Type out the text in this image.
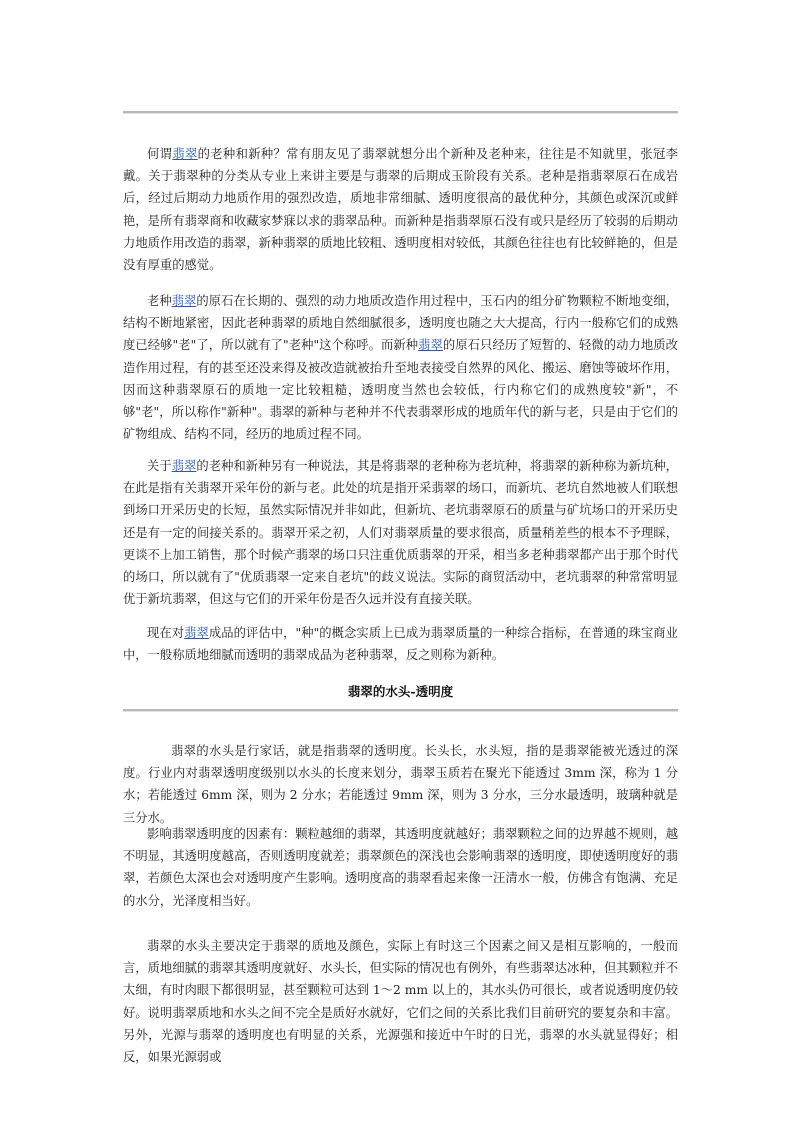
何谓翡翠的老种和新种？常有朋友见了翡翠就想分出个新种及老种来，往往是不知就里，张冠李戴。关于翡翠种的分类从专业上来讲主要是与翡翠的后期成玉阶段有关系。老种是指翡翠原石在成岩后，经过后期动力地质作用的强烈改造，质地非常细腻、透明度很高的最优种分，其颜色或深沉或鲜艳，是所有翡翠商和收藏家梦寐以求的翡翠品种。而新种是指翡翠原石没有或只是经历了较弱的后期动力地质作用改造的翡翠，新种翡翠的质地比较粗、透明度相对较低，其颜色往往也有比较鲜艳的，但是没有厚重的感觉。

老种翡翠的原石在长期的、强烈的动力地质改造作用过程中，玉石内的组分矿物颗粒不断地变细，结构不断地紧密，因此老种翡翠的质地自然细腻很多，透明度也随之大大提高，行内一般称它们的成熟度已经够"老"了，所以就有了"老种"这个称呼。而新种翡翠的原石只经历了短暂的、轻微的动力地质改造作用过程，有的甚至还没来得及被改造就被抬升至地表接受自然界的风化、搬运、磨蚀等破坏作用，因而这种翡翠原石的质地一定比较粗糙，透明度当然也会较低，行内称它们的成熟度较"新"，不够"老"，所以称作"新种"。翡翠的新种与老种并不代表翡翠形成的地质年代的新与老，只是由于它们的矿物组成、结构不同，经历的地质过程不同。

关于翡翠的老种和新种另有一种说法，其是将翡翠的老种称为老坑种，将翡翠的新种称为新坑种，在此是指有关翡翠开采年份的新与老。此处的坑是指开采翡翠的场口，而新坑、老坑自然地被人们联想到场口开采历史的长短，虽然实际情况并非如此，但新坑、老坑翡翠原石的质量与矿坑场口的开采历史还是有一定的间接关系的。翡翠开采之初，人们对翡翠质量的要求很高，质量稍差些的根本不予理睬，更谈不上加工销售，那个时候产翡翠的场口只注重优质翡翠的开采，相当多老种翡翠都产出于那个时代的场口，所以就有了"优质翡翠一定来自老坑"的歧义说法。实际的商贸活动中，老坑翡翠的种常常明显优于新坑翡翠，但这与它们的开采年份是否久远并没有直接关联。

现在对翡翠成品的评估中，"种"的概念实质上已成为翡翠质量的一种综合指标，在普通的珠宝商业中，一般称质地细腻而透明的翡翠成品为老种翡翠，反之则称为新种。

翡翠的水头-透明度

翡翠的水头是行家话，就是指翡翠的透明度。长头长，水头短，指的是翡翠能被光透过的深度。行业内对翡翠透明度级别以水头的长度来划分，翡翠玉质若在聚光下能透过 3mm 深，称为 1 分水；若能透过 6mm 深，则为 2 分水；若能透过 9mm 深，则为 3 分水，三分水最透明，玻璃种就是三分水。

影响翡翠透明度的因素有：颗粒越细的翡翠，其透明度就越好；翡翠颗粒之间的边界越不规则，越不明显，其透明度越高，否则透明度就差；翡翠颜色的深浅也会影响翡翠的透明度，即使透明度好的翡翠，若颜色太深也会对透明度产生影响。透明度高的翡翠看起来像一汪清水一般，仿佛含有饱满、充足的水分，光泽度相当好。

翡翠的水头主要决定于翡翠的质地及颜色，实际上有时这三个因素之间又是相互影响的，一般而言，质地细腻的翡翠其透明度就好、水头长，但实际的情况也有例外，有些翡翠达冰种，但其颗粒并不太细，有时肉眼下都很明显，甚至颗粒可达到 1～2 mm 以上的，其水头仍可很长，或者说透明度仍较好。说明翡翠质地和水头之间不完全是质好水就好，它们之间的关系比我们目前研究的要复杂和丰富。另外，光源与翡翠的透明度也有明显的关系，光源强和接近中午时的日光，翡翠的水头就显得好；相反，如果光源弱或
